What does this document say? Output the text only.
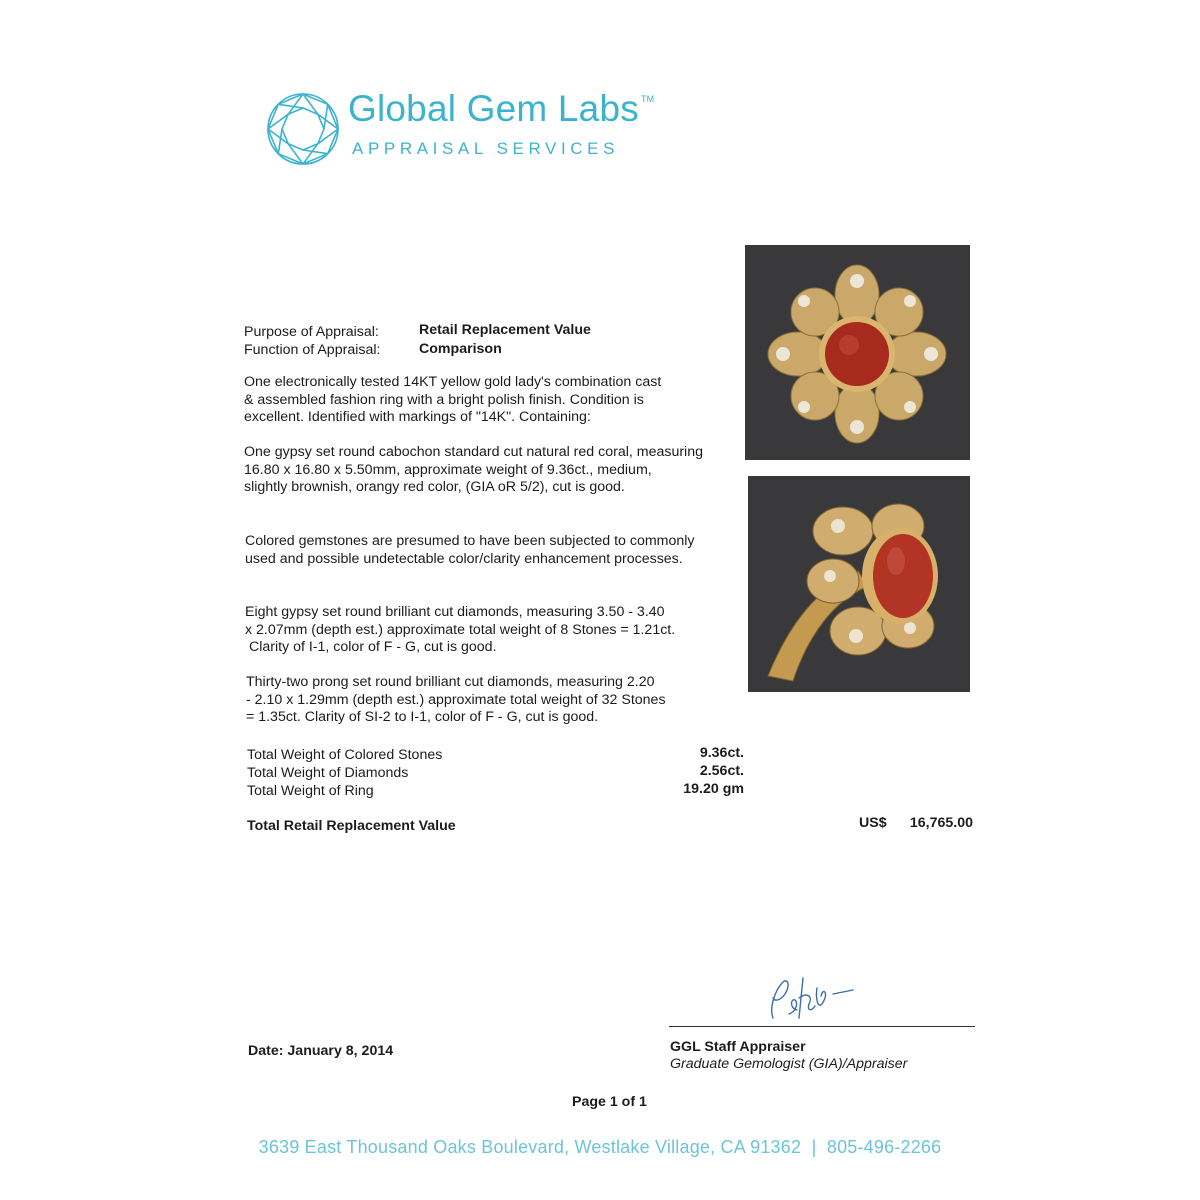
Global Gem Labs ™
APPRAISAL SERVICES
Purpose of Appraisal:	Retail Replacement Value
Function of Appraisal:	Comparison
One electronically tested 14KT yellow gold lady's combination cast
& assembled fashion ring with a bright polish finish. Condition is
excellent. Identified with markings of "14K". Containing:
One gypsy set round cabochon standard cut natural red coral, measuring
16.80 x 16.80 x 5.50mm, approximate weight of 9.36ct., medium,
slightly brownish, orangy red color, (GIA oR 5/2), cut is good.
Colored gemstones are presumed to have been subjected to commonly
used and possible undetectable color/clarity enhancement processes.
Eight gypsy set round brilliant cut diamonds, measuring 3.50 - 3.40
x 2.07mm (depth est.) approximate total weight of 8 Stones = 1.21ct.
Clarity of I-1, color of F - G, cut is good.
Thirty-two prong set round brilliant cut diamonds, measuring 2.20
- 2.10 x 1.29mm (depth est.) approximate total weight of 32 Stones
= 1.35ct. Clarity of SI-2 to I-1, color of F - G, cut is good.
Total Weight of Colored Stones	9.36ct.
Total Weight of Diamonds	2.56ct.
Total Weight of Ring	19.20 gm
Total Retail Replacement Value	US$	16,765.00
Date: January 8, 2014	GGL Staff Appraiser
Graduate Gemologist (GIA)/Appraiser
Page 1 of 1
3639 East Thousand Oaks Boulevard, Westlake Village, CA 91362  |  805-496-2266
